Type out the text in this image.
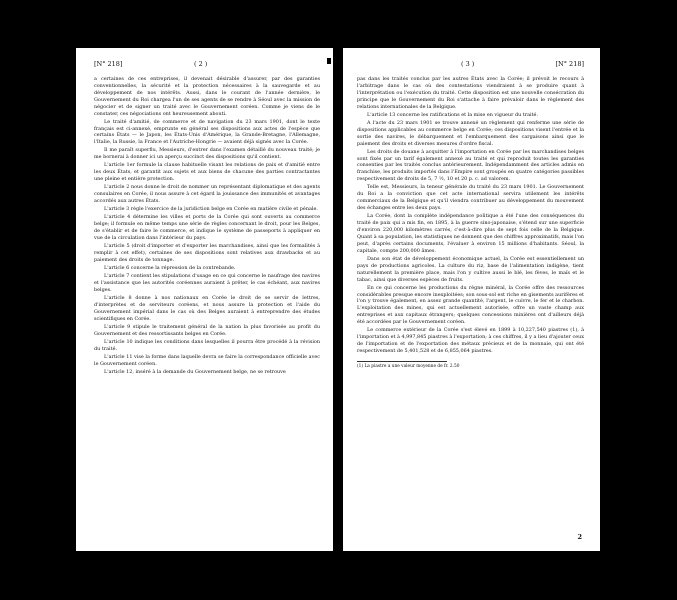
[N° 218]	( 2 )

a certaines de ces entreprises, il devenait désirable d'assurer, par des garanties conventionnelles, la sécurité et la protection nécessaires à la sauvegarde et au développement de nos intérêts. Aussi, dans le courant de l'année dernière, le Gouvernement du Roi chargea l'un de ses agents de se rendre à Séoul avec la mission de négocier et de signer un traité avec le Gouvernement coréen. Comme je viens de le constater, ces négociations ont heureusement abouti.

Le traité d'amitié, de commerce et de navigation du 23 mars 1901, dont le texte français est ci-annexé, emprunte en général ses dispositions aux actes de l'espèce que certains États — le Japon, les États-Unis d'Amérique, la Grande-Bretagne, l'Allemagne, l'Italie, la Russie, la France et l'Autriche-Hongrie — avaient déjà signés avec la Corée.

Il me paraît superflu, Messieurs, d'entrer dans l'examen détaillé du nouveau traité; je me bornerai à donner ici un aperçu succinct des dispositions qu'il contient.

L'article 1er formule la clause habituelle visant les relations de paix et d'amitié entre les deux États, et garantit aux sujets et aux biens de chacune des parties contractantes une pleine et entière protection.

L'article 2 nous donne le droit de nommer un représentant diplomatique et des agents consulaires en Corée, il nous assure à cet égard la jouissance des immunités et avantages accordés aux autres États.

L'article 3 règle l'exercice de la juridiction belge en Corée en matière civile et pénale.

L'article 4 détermine les villes et ports de la Corée qui sont ouverts au commerce belge; il formule en même temps une série de règles concernant le droit, pour les Belges, de s'établir et de faire le commerce, et indique le système de passeports à appliquer en vue de la circulation dans l'intérieur du pays.

L'article 5 (droit d'importer et d'exporter les marchandises, ainsi que les formalités à remplir à cet effet), certaines de ses dispositions sont relatives aux drawbacks et au paiement des droits de tonnage.

L'article 6 concerne la répression de la contrebande.

L'article 7 contient les stipulations d'usage en ce qui concerne le naufrage des navires et l'assistance que les autorités coréennes auraient à prêter, le cas échéant, aux navires belges.

L'article 8 donne à nos nationaux en Corée le droit de se servir de lettres, d'interprètes et de serviteurs coréens, et nous assure la protection et l'aide du Gouvernement impérial dans le cas où des Belges auraient à entreprendre des études scientifiques en Corée.

L'article 9 stipule le traitement général de la nation la plus favorisée au profit du Gouvernement et des ressortissants belges en Corée.

L'article 10 indique les conditions dans lesquelles il pourra être procédé à la révision du traité.

L'article 11 vise la forme dans laquelle devra se faire la correspondance officielle avec le Gouvernement coréen.

L'article 12, inséré à la demande du Gouvernement belge, ne se retrouve

( 3 )	[N° 218]

pas dans les traités conclus par les autres États avec la Corée; il prévoit le recours à l'arbitrage dans le cas où des contestations viendraient à se produire quant à l'interprétation ou l'exécution du traité. Cette disposition est une nouvelle consécration du principe que le Gouvernement du Roi s'attache à faire prévaloir dans le règlement des relations internationales de la Belgique.

L'article 13 concerne les ratifications et la mise en vigueur du traité.

A l'acte du 23 mars 1901 se trouve annexé un règlement qui renferme une série de dispositions applicables au commerce belge en Corée; ces dispositions visent l'entrée et la sortie des navires, le débarquement et l'embarquement des cargaisons ainsi que le paiement des droits et diverses mesures d'ordre fiscal.

Les droits de douane à acquitter à l'importation en Corée par les marchandises belges sont fixés par un tarif également annexé au traité et qui reproduit toutes les garanties consenties par les traités conclus antérieurement. Indépendamment des articles admis en franchise, les produits importés dans l'Empire sont groupés en quatre catégories passibles respectivement de droits de 5, 7 ½, 10 et 20 p. c. ad valorem.

Telle est, Messieurs, la teneur générale du traité du 23 mars 1901. Le Gouvernement du Roi a la conviction que cet acte international servira utilement les intérêts commerciaux de la Belgique et qu'il viendra contribuer au développement du mouvement des échanges entre les deux pays.

La Corée, dont la complète indépendance politique a été l'une des conséquences du traité de paix qui a mis fin, en 1895, à la guerre sino-japonaise, s'étend sur une superficie d'environ 220,000 kilomètres carrés, c'est-à-dire plus de sept fois celle de la Belgique. Quant à sa population, les statistiques ne donnent que des chiffres approximatifs, mais l'on peut, d'après certains documents, l'évaluer à environ 15 millions d'habitants. Séoul, la capitale, compte 200,000 âmes.

Dans son état de développement économique actuel, la Corée est essentiellement un pays de productions agricoles. La culture du riz, base de l'alimentation indigène, tient naturellement la première place, mais l'on y cultive aussi le blé, les fèves, le maïs et le tabac, ainsi que diverses espèces de fruits.

En ce qui concerne les productions du règne minéral, la Corée offre des ressources considérables presque encore inexploitées; son sous-sol est riche en gisements aurifères et l'on y trouve également, en assez grande quantité, l'argent, le cuivre, le fer et le charbon. L'exploitation des mines, qui est actuellement autorisée, offre un vaste champ aux entreprises et aux capitaux étrangers; quelques concessions minières ont d'ailleurs déjà été accordées par le Gouvernement coréen.

Le commerce extérieur de la Corée s'est élevé en 1899 à 10,227,540 piastres (1), à l'importation et à 4,997,845 piastres à l'exportation; à ces chiffres, il y a lieu d'ajouter ceux de l'importation et de l'exportation des métaux précieux et de la monnaie, qui ont été respectivement de 5,401,528 et de 6,855,064 piastres.

(1) La piastre a une valeur moyenne de fr. 2.50
2
